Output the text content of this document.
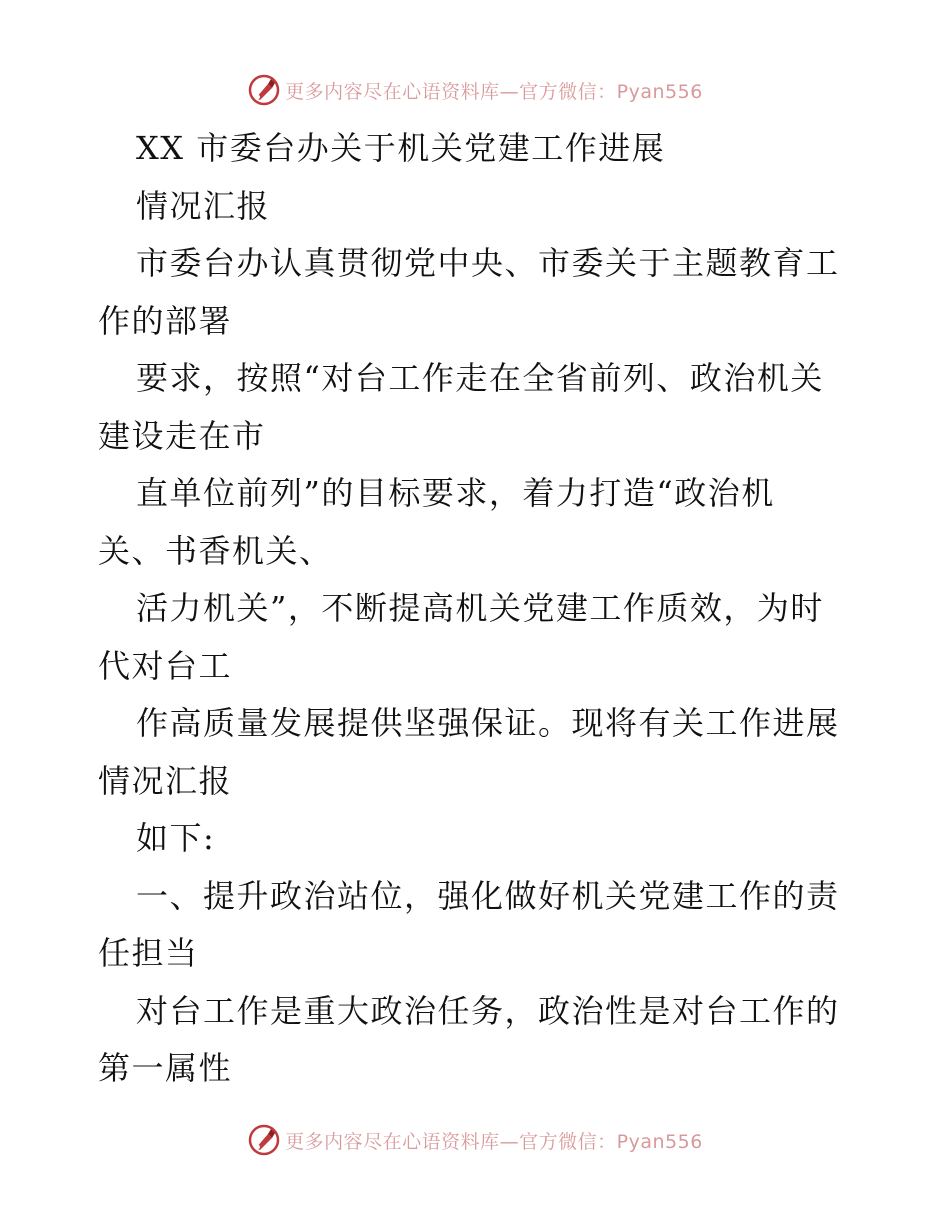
更多内容尽在心语资料库—官方微信：Pyan556
XX 市委台办关于机关党建工作进展
情况汇报
市委台办认真贯彻党中央、市委关于主题教育工
作的部署
要求，按照“对台工作走在全省前列、政治机关
建设走在市
直单位前列”的目标要求，着力打造“政治机
关、书香机关、
活力机关”，不断提高机关党建工作质效，为时
代对台工
作高质量发展提供坚强保证。现将有关工作进展
情况汇报
如下:
一、提升政治站位，强化做好机关党建工作的责
任担当
对台工作是重大政治任务，政治性是对台工作的
第一属性
更多内容尽在心语资料库—官方微信：Pyan556
